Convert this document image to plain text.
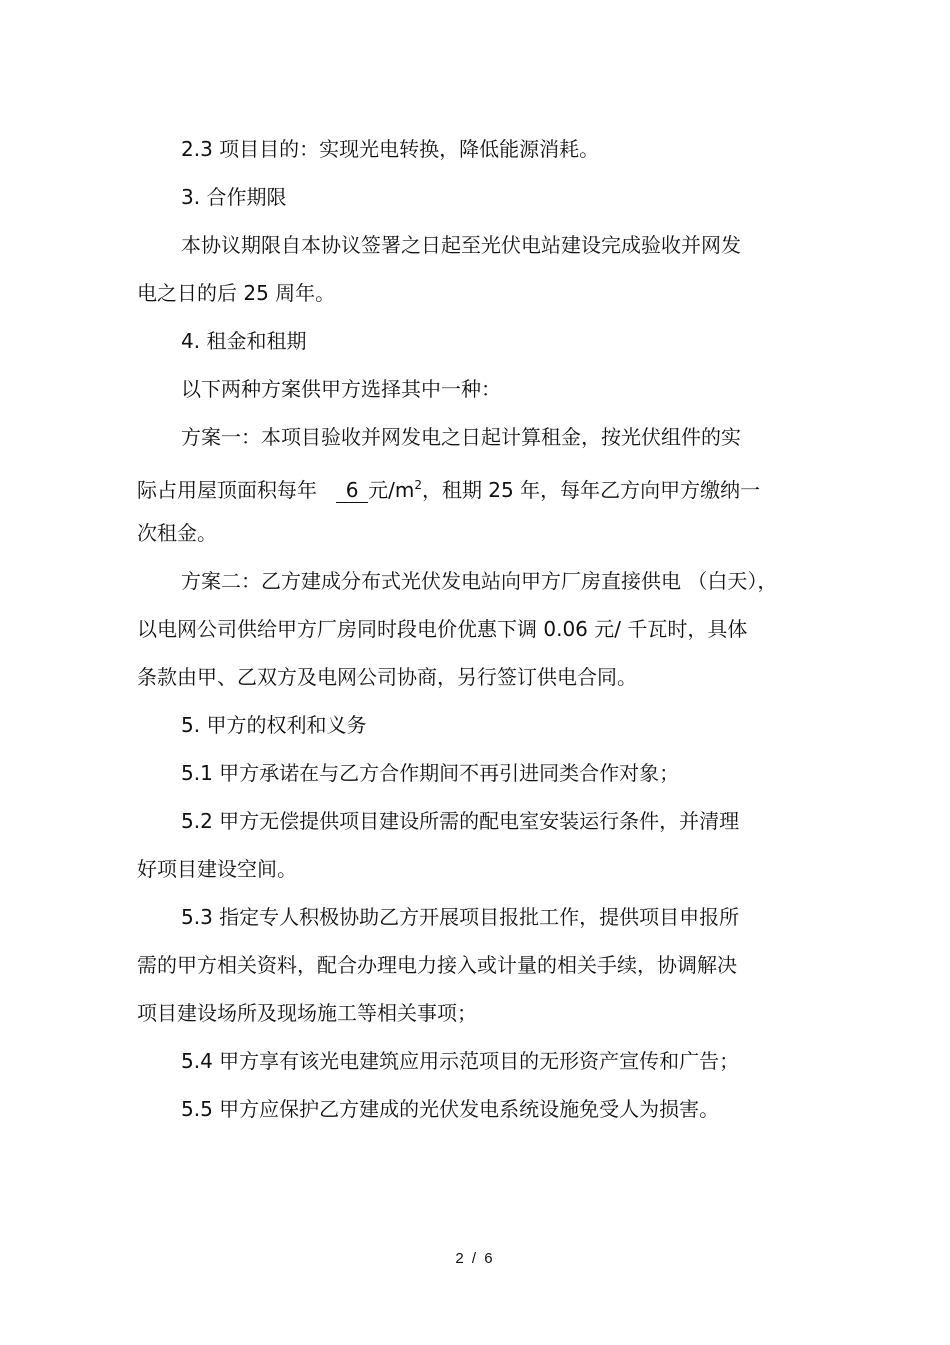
2.3 项目目的：实现光电转换，降低能源消耗。
3. 合作期限
本协议期限自本协议签署之日起至光伏电站建设完成验收并网发
电之日的后 25 周年。
4. 租金和租期
以下两种方案供甲方选择其中一种：
方案一：本项目验收并网发电之日起计算租金，按光伏组件的实
际占用屋顶面积每年 6 元$/m^2$，租期 25 年，每年乙方向甲方缴纳一
次租金。
方案二：乙方建成分布式光伏发电站向甲方厂房直接供电 （白天），
以电网公司供给甲方厂房同时段电价优惠下调 0.06 元/ 千瓦时，具体
条款由甲、乙双方及电网公司协商，另行签订供电合同。
5. 甲方的权利和义务
5.1 甲方承诺在与乙方合作期间不再引进同类合作对象；
5.2 甲方无偿提供项目建设所需的配电室安装运行条件，并清理
好项目建设空间。
5.3 指定专人积极协助乙方开展项目报批工作，提供项目申报所
需的甲方相关资料，配合办理电力接入或计量的相关手续，协调解决
项目建设场所及现场施工等相关事项；
5.4 甲方享有该光电建筑应用示范项目的无形资产宣传和广告；
5.5 甲方应保护乙方建成的光伏发电系统设施免受人为损害。
2 / 6
